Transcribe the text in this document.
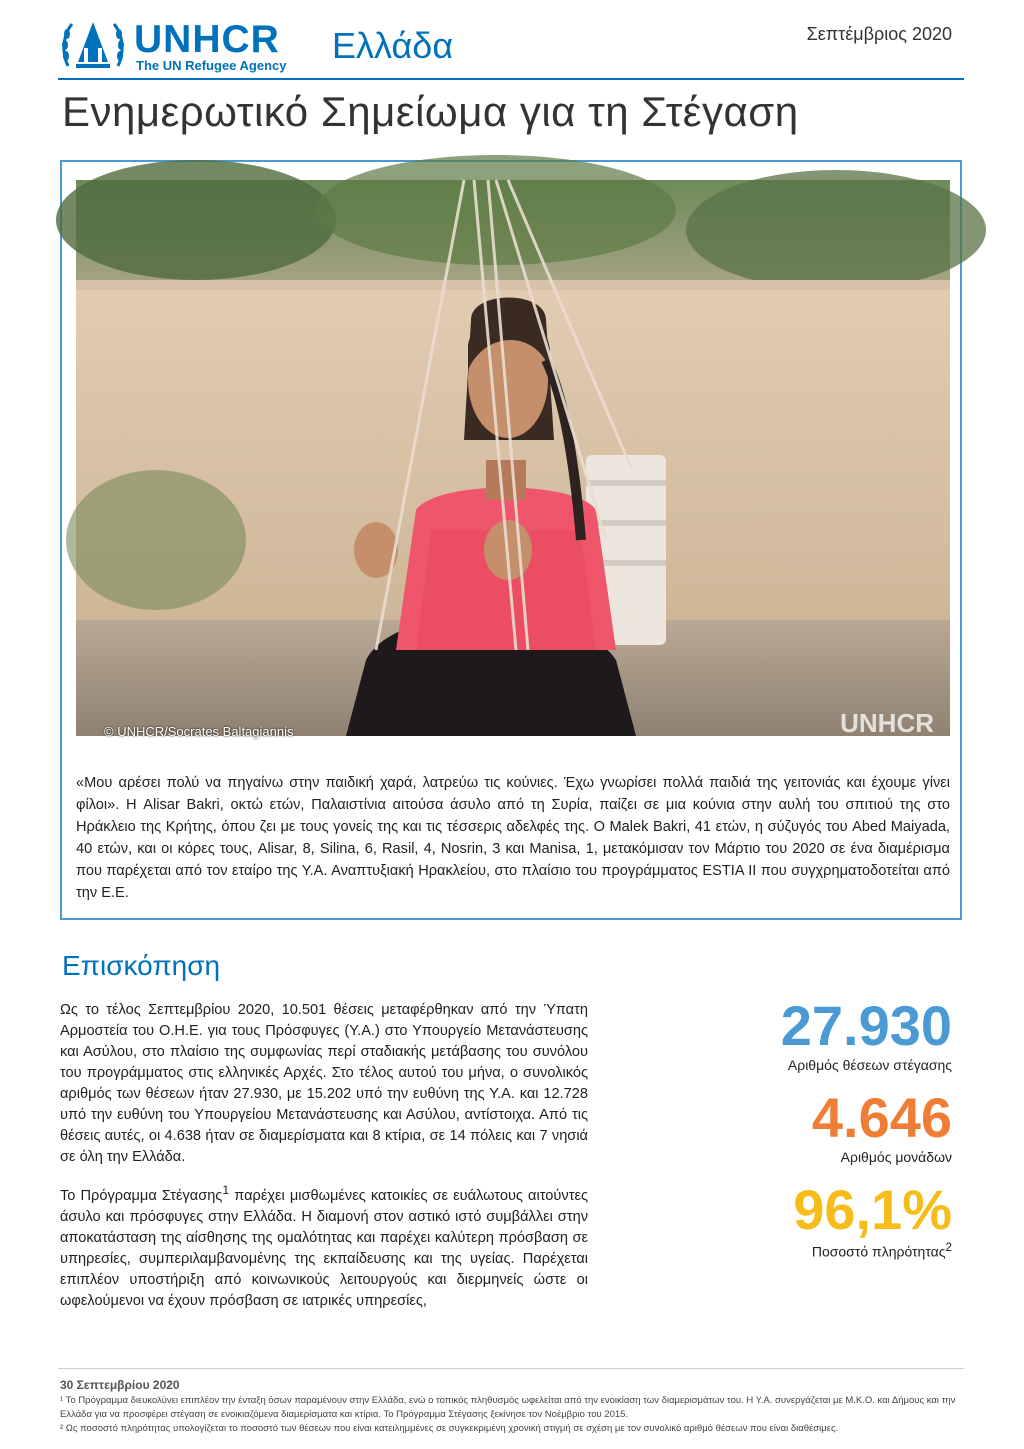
UNHCR
The UN Refugee Agency Ελλάδα	Σεπτέμβριος 2020
Ενημερωτικό Σημείωμα για τη Στέγαση
© UNHCR/Socrates Baltagiannis	UNHCR
The UN Refugee Agency
«Μου αρέσει πολύ να πηγαίνω στην παιδική χαρά, λατρεύω τις κούνιες. Έχω γνωρίσει πολλά παιδιά της γειτονιάς και έχουμε γίνει φίλοι». Η Alisar Bakri, οκτώ ετών, Παλαιστίνια αιτούσα άσυλο από τη Συρία, παίζει σε μια κούνια στην αυλή του σπιτιού της στο Ηράκλειο της Κρήτης, όπου ζει με τους γονείς της και τις τέσσερις αδελφές της. Ο Malek Bakri, 41 ετών, η σύζυγός του Abed Maiyada, 40 ετών, και οι κόρες τους, Alisar, 8, Silina, 6, Rasil, 4, Nosrin, 3 και Manisa, 1, μετακόμισαν τον Μάρτιο του 2020 σε ένα διαμέρισμα που παρέχεται από τον εταίρο της Υ.Α. Αναπτυξιακή Ηρακλείου, στο πλαίσιο του προγράμματος ESTIA II που συγχρηματοδοτείται από την Ε.Ε.
Επισκόπηση

Ως το τέλος Σεπτεμβρίου 2020, 10.501 θέσεις μεταφέρθηκαν από την Ύπατη Αρμοστεία του Ο.Η.Ε. για τους Πρόσφυγες (Υ.Α.) στο Υπουργείο Μετανάστευσης και Ασύλου, στο πλαίσιο της συμφωνίας περί σταδιακής μετάβασης του συνόλου του προγράμματος στις ελληνικές Αρχές. Στο τέλος αυτού του μήνα, ο συνολικός αριθμός των θέσεων ήταν 27.930, με 15.202 υπό την ευθύνη της Υ.Α. και 12.728 υπό την ευθύνη του Υπουργείου Μετανάστευσης και Ασύλου, αντίστοιχα. Από τις θέσεις αυτές, οι 4.638 ήταν σε διαμερίσματα και 8 κτίρια, σε 14 πόλεις και 7 νησιά σε όλη την Ελλάδα.

Το Πρόγραμμα Στέγασης$^1$ παρέχει μισθωμένες κατοικίες σε ευάλωτους αιτούντες άσυλο και πρόσφυγες στην Ελλάδα. Η διαμονή στον αστικό ιστό συμβάλλει στην αποκατάσταση της αίσθησης της ομαλότητας και παρέχει καλύτερη πρόσβαση σε υπηρεσίες, συμπεριλαμβανομένης της εκπαίδευσης και της υγείας. Παρέχεται επιπλέον υποστήριξη από κοινωνικούς λειτουργούς και διερμηνείς ώστε οι ωφελούμενοι να έχουν πρόσβαση σε ιατρικές υπηρεσίες,

27.930
Αριθμός θέσεων στέγασης
4.646
Αριθμός μονάδων
96,1%
Ποσοστό πληρότητας$^2$
30 Σεπτεμβρίου 2020
¹ Το Πρόγραμμα διευκολύνει επιπλέον την ένταξη όσων παραμένουν στην Ελλάδα, ενώ ο τοπικός πληθυσμός ωφελείται από την ενοικίαση των διαμερισμάτων του. Η Υ.Α. συνεργάζεται με Μ.Κ.Ο. και Δήμους και την Ελλάδα για να προσφέρει στέγαση σε ενοικιαζόμενα διαμερίσματα και κτίρια. Το Πρόγραμμα Στέγασης ξεκίνησε τον Νοέμβριο του 2015.
² Ως ποσοστό πληρότητας υπολογίζεται το ποσοστό των θέσεων που είναι κατειλημμένες σε συγκεκριμένη χρονική στιγμή σε σχέση με τον συνολικό αριθμό θέσεων που είναι διαθέσιμες.
